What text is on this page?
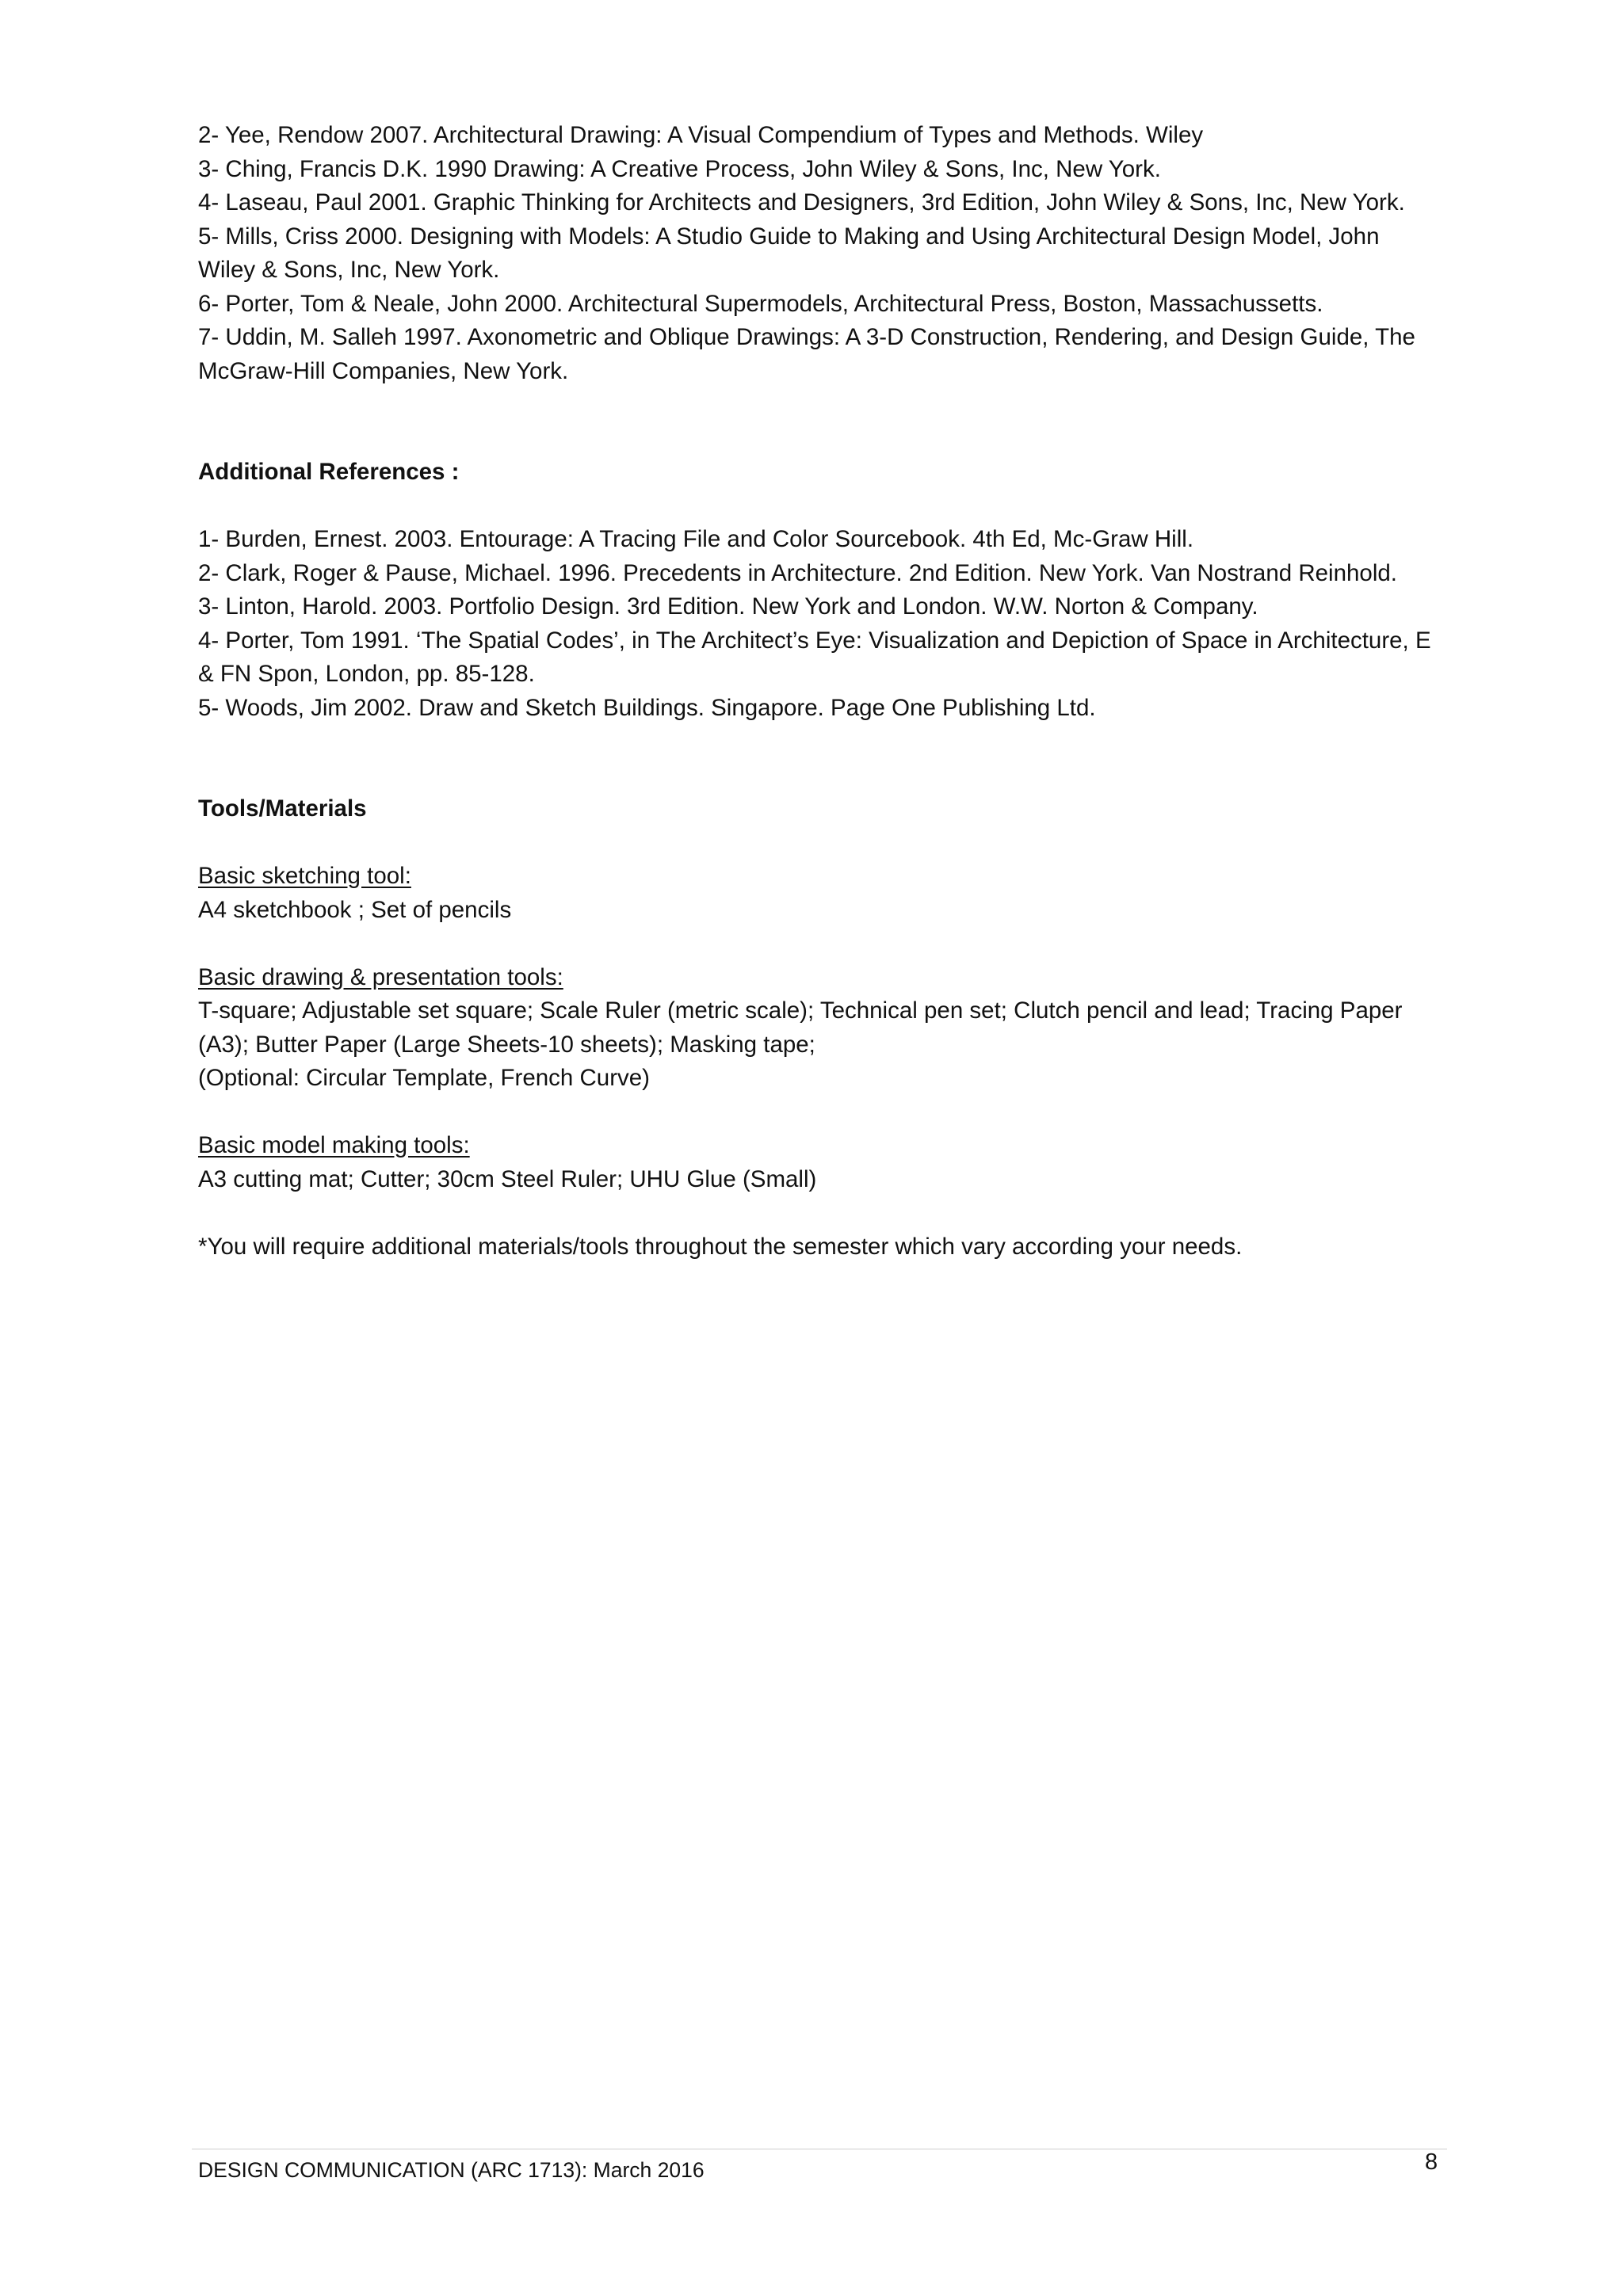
2- Yee, Rendow 2007. Architectural Drawing: A Visual Compendium of Types and Methods. Wiley

3- Ching, Francis D.K. 1990 Drawing: A Creative Process, John Wiley & Sons, Inc, New York.

4- Laseau, Paul 2001. Graphic Thinking for Architects and Designers, 3rd Edition, John Wiley & Sons, Inc, New York.

5- Mills, Criss 2000. Designing with Models: A Studio Guide to Making and Using Architectural Design Model, John Wiley & Sons, Inc, New York.

6- Porter, Tom & Neale, John 2000. Architectural Supermodels, Architectural Press, Boston, Massachussetts.

7- Uddin, M. Salleh 1997. Axonometric and Oblique Drawings: A 3-D Construction, Rendering, and Design Guide, The McGraw-Hill Companies, New York.

Additional References :

1- Burden, Ernest. 2003. Entourage: A Tracing File and Color Sourcebook. 4th Ed, Mc-Graw Hill.

2- Clark, Roger & Pause, Michael. 1996. Precedents in Architecture. 2nd Edition. New York. Van Nostrand Reinhold.

3- Linton, Harold. 2003. Portfolio Design. 3rd Edition. New York and London. W.W. Norton & Company.

4- Porter, Tom 1991. ‘The Spatial Codes’, in The Architect’s Eye: Visualization and Depiction of Space in Architecture, E & FN Spon, London, pp. 85-128.

5- Woods, Jim 2002. Draw and Sketch Buildings. Singapore. Page One Publishing Ltd.

Tools/Materials

Basic sketching tool:

A4 sketchbook ; Set of pencils

Basic drawing & presentation tools:

T-square; Adjustable set square; Scale Ruler (metric scale); Technical pen set; Clutch pencil and lead; Tracing Paper (A3); Butter Paper (Large Sheets-10 sheets); Masking tape;

(Optional: Circular Template, French Curve)

Basic model making tools:

A3 cutting mat; Cutter; 30cm Steel Ruler; UHU Glue (Small)

*You will require additional materials/tools throughout the semester which vary according your needs.

DESIGN COMMUNICATION (ARC 1713): March 2016	8
